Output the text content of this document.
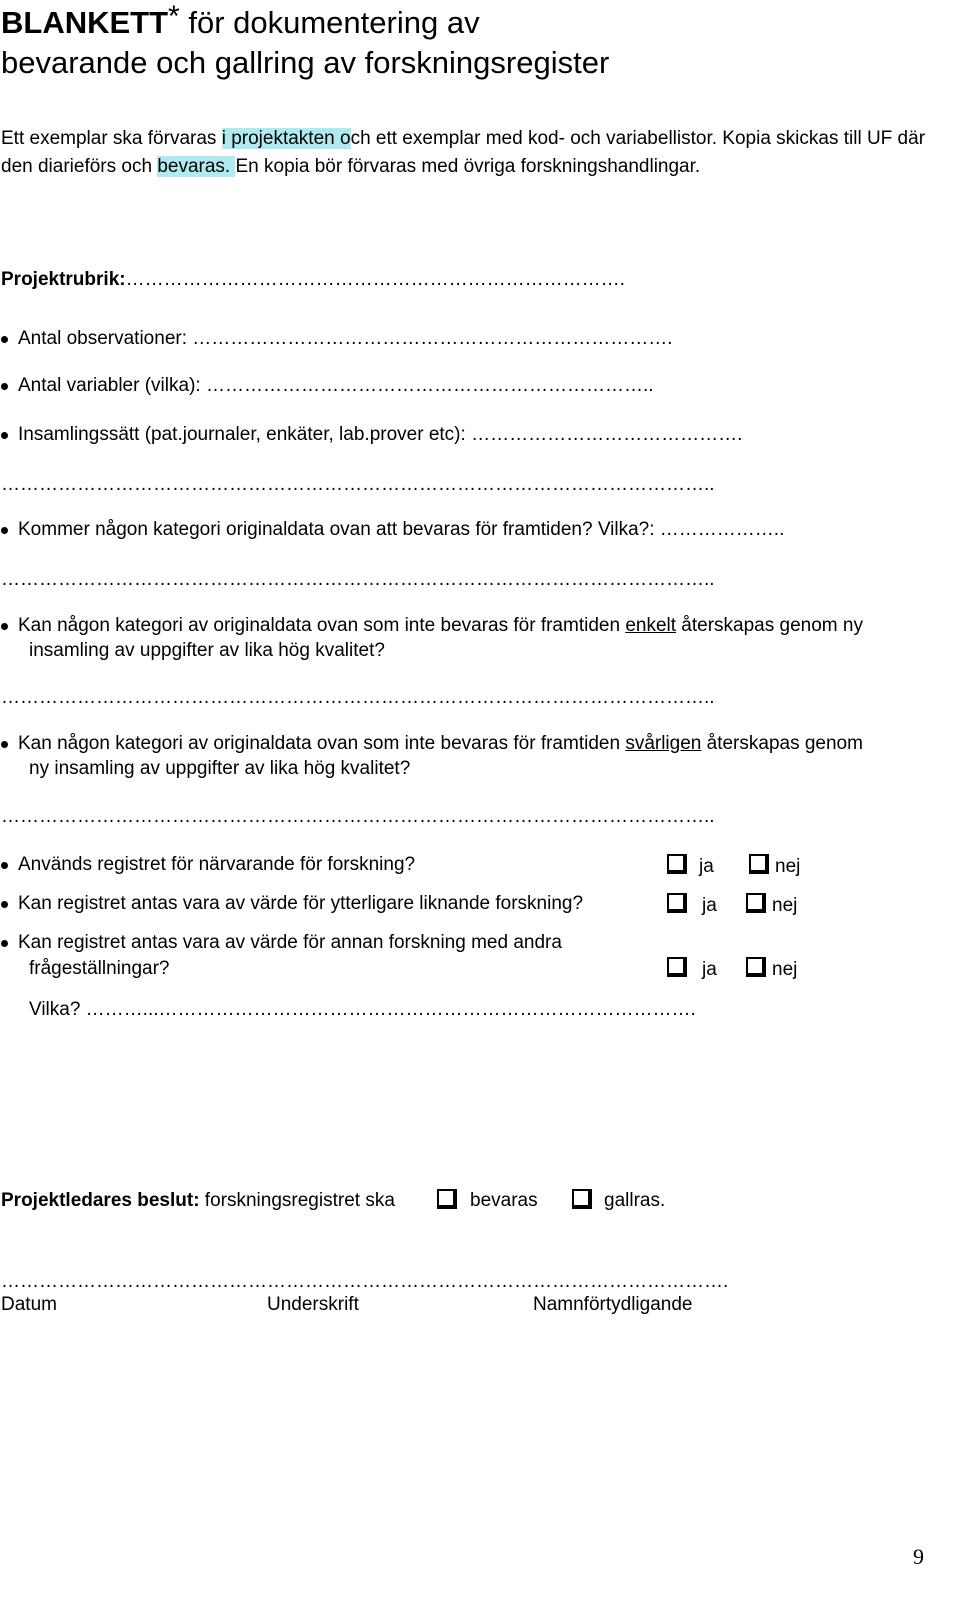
BLANKETT* för dokumentering av
bevarande och gallring av forskningsregister
Ett exemplar ska förvaras i projektakten och ett exemplar med kod- och variabellistor. Kopia skickas till UF där den diarieförs och bevaras. En kopia bör förvaras med övriga forskningshandlingar.
Projektrubrik:…………………………………………………………………….
Antal observationer: ………………………………………………………………….
Antal variabler (vilka): ……………………………………………………………..
Insamlingssätt (pat.journaler, enkäter, lab.prover etc): …………………………………….
…………………………………………………………………………………………………..
Kommer någon kategori originaldata ovan att bevaras för framtiden? Vilka?: ………………..
…………………………………………………………………………………………………..
Kan någon kategori av originaldata ovan som inte bevaras för framtiden enkelt återskapas genom ny
insamling av uppgifter av lika hög kvalitet?
…………………………………………………………………………………………………..
Kan någon kategori av originaldata ovan som inte bevaras för framtiden svårligen återskapas genom
ny insamling av uppgifter av lika hög kvalitet?
…………………………………………………………………………………………………..
Används registret för närvarande för forskning?	ja	nej
Kan registret antas vara av värde för ytterligare liknande forskning?	ja	nej
Kan registret antas vara av värde för annan forskning med andra
frågeställningar?	ja	nej
Vilka? ………...………………………………………………………………………….
Projektledares beslut: forskningsregistret ska	bevaras	gallras.
…………………………………………………………………………………………………….
Datum	Underskrift	Namnförtydligande
9
